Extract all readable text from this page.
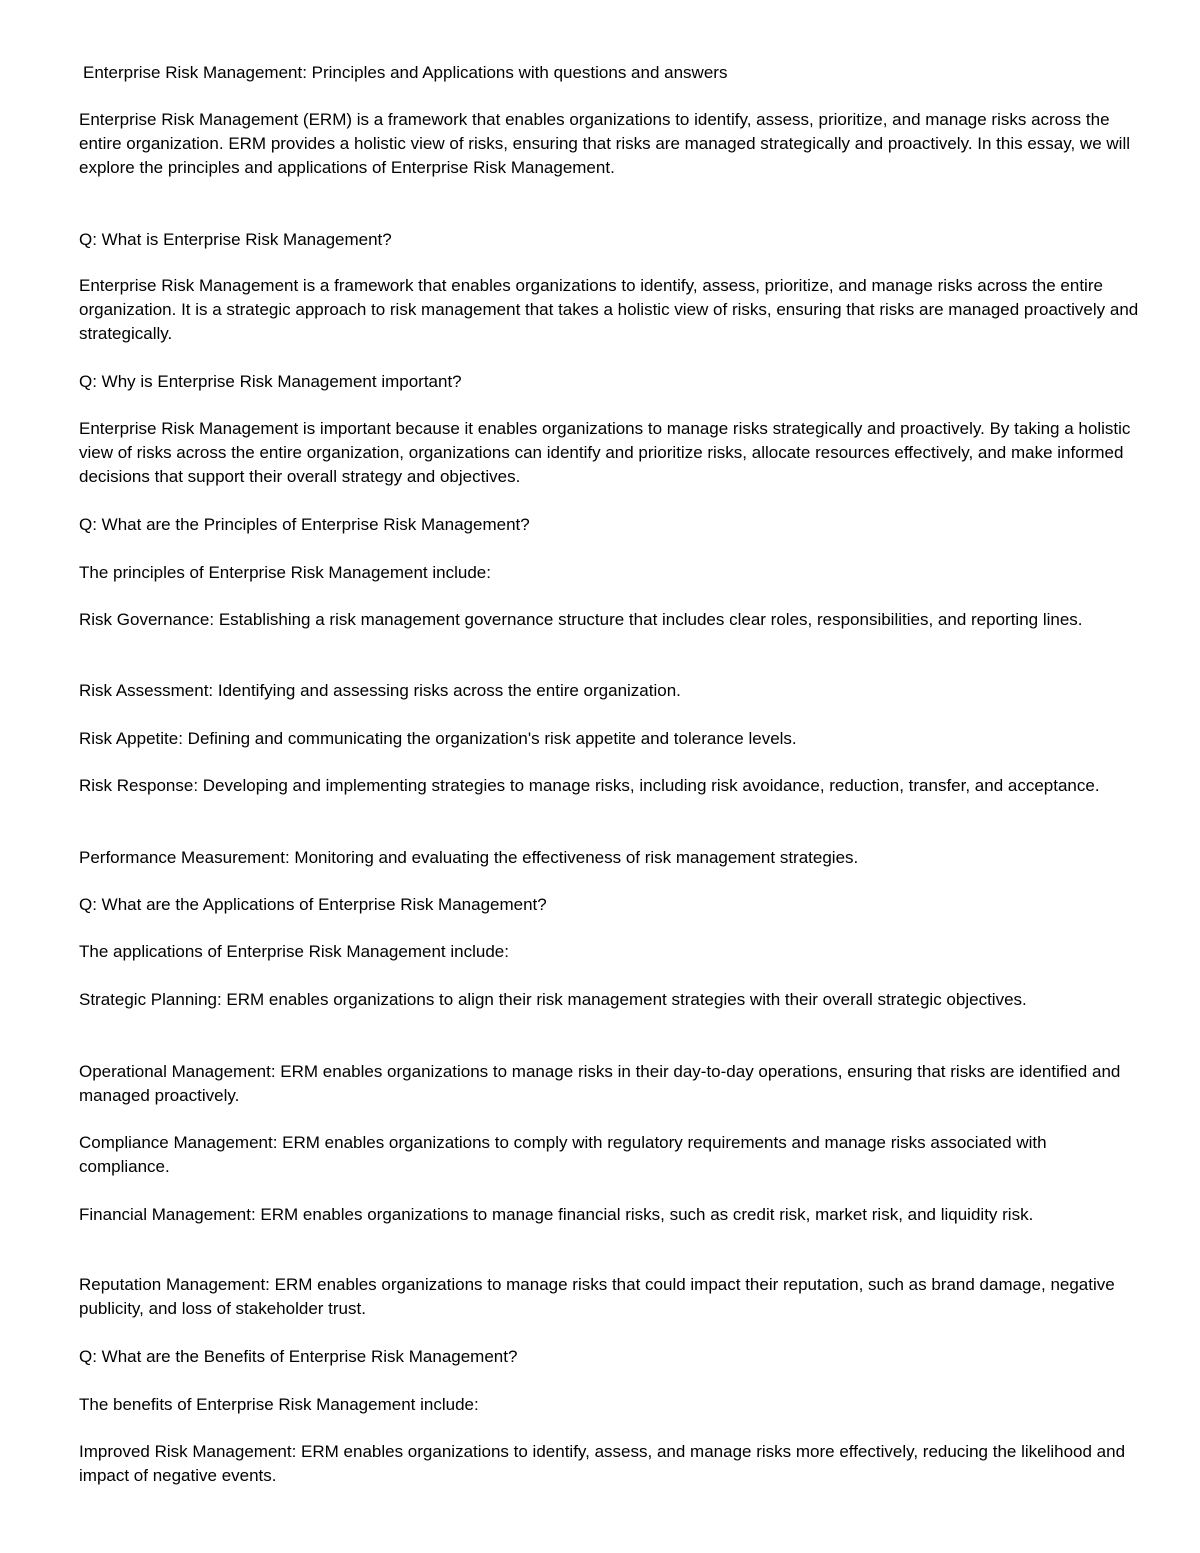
Enterprise Risk Management: Principles and Applications with questions and answers

Enterprise Risk Management (ERM) is a framework that enables organizations to identify, assess, prioritize, and manage risks across the entire organization. ERM provides a holistic view of risks, ensuring that risks are managed strategically and proactively. In this essay, we will explore the principles and applications of Enterprise Risk Management.

Q: What is Enterprise Risk Management?

Enterprise Risk Management is a framework that enables organizations to identify, assess, prioritize, and manage risks across the entire organization. It is a strategic approach to risk management that takes a holistic view of risks, ensuring that risks are managed proactively and strategically.

Q: Why is Enterprise Risk Management important?

Enterprise Risk Management is important because it enables organizations to manage risks strategically and proactively. By taking a holistic view of risks across the entire organization, organizations can identify and prioritize risks, allocate resources effectively, and make informed decisions that support their overall strategy and objectives.

Q: What are the Principles of Enterprise Risk Management?

The principles of Enterprise Risk Management include:

Risk Governance: Establishing a risk management governance structure that includes clear roles, responsibilities, and reporting lines.

Risk Assessment: Identifying and assessing risks across the entire organization.

Risk Appetite: Defining and communicating the organization's risk appetite and tolerance levels.

Risk Response: Developing and implementing strategies to manage risks, including risk avoidance, reduction, transfer, and acceptance.

Performance Measurement: Monitoring and evaluating the effectiveness of risk management strategies.

Q: What are the Applications of Enterprise Risk Management?

The applications of Enterprise Risk Management include:

Strategic Planning: ERM enables organizations to align their risk management strategies with their overall strategic objectives.

Operational Management: ERM enables organizations to manage risks in their day-to-day operations, ensuring that risks are identified and managed proactively.

Compliance Management: ERM enables organizations to comply with regulatory requirements and manage risks associated with compliance.

Financial Management: ERM enables organizations to manage financial risks, such as credit risk, market risk, and liquidity risk.

Reputation Management: ERM enables organizations to manage risks that could impact their reputation, such as brand damage, negative publicity, and loss of stakeholder trust.

Q: What are the Benefits of Enterprise Risk Management?

The benefits of Enterprise Risk Management include:

Improved Risk Management: ERM enables organizations to identify, assess, and manage risks more effectively, reducing the likelihood and impact of negative events.
